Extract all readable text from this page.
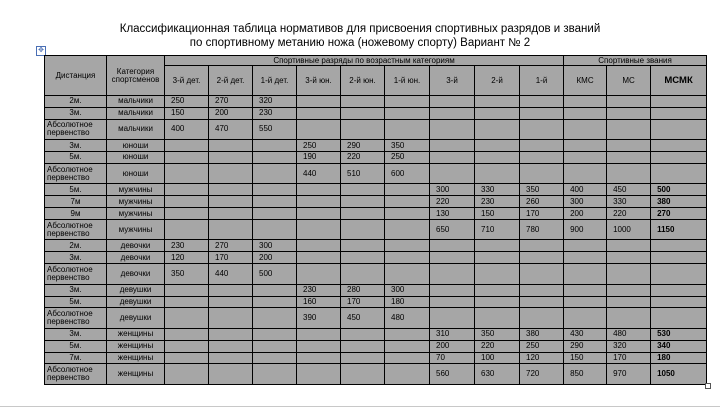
Классификационная таблица нормативов для присвоения спортивных разрядов и званий
по спортивному метанию ножа (ножевому спорту) Вариант № 2
✥
Дистанция	Категория спортсменов	Спортивные разряды по возрастным категориям									Спортивные звания		
		3-й дет.	2-й дет.	1-й дет.	3-й юн.	2-й юн.	1-й юн.	3-й	2-й	1-й	КМС	МС	МСМК
2м.	мальчики	250	270	320									
3м.	мальчики	150	200	230									
Абсолютное первенство	мальчики	400	470	550									
3м.	юноши				250	290	350						
5м.	юноши				190	220	250						
Абсолютное первенство	юноши				440	510	600						
5м.	мужчины							300	330	350	400	450	500
7м	мужчины							220	230	260	300	330	380
9м	мужчины							130	150	170	200	220	270
Абсолютное первенство	мужчины							650	710	780	900	1000	1150
2м.	девочки	230	270	300									
3м.	девочки	120	170	200									
Абсолютное первенство	девочки	350	440	500									
3м.	девушки				230	280	300						
5м.	девушки				160	170	180						
Абсолютное первенство	девушки				390	450	480						
3м.	женщины							310	350	380	430	480	530
5м.	женщины							200	220	250	290	320	340
7м.	женщины							70	100	120	150	170	180
Абсолютное первенство	женщины							560	630	720	850	970	1050
